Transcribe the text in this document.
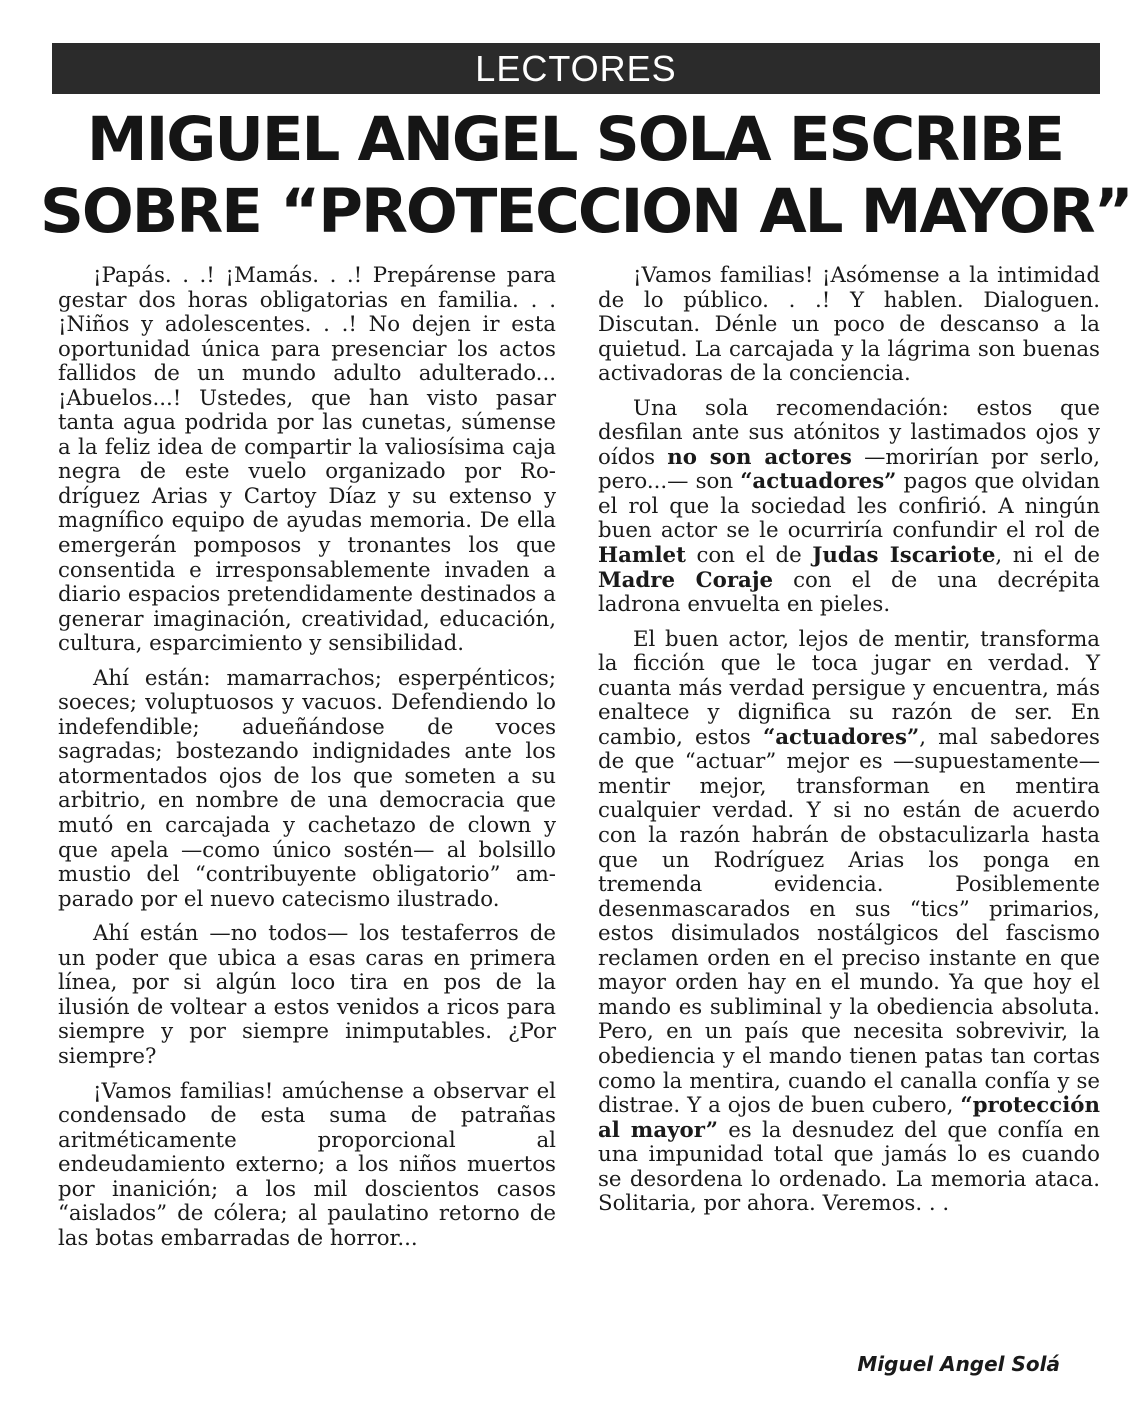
LECTORES
MIGUEL ANGEL SOLA ESCRIBE
SOBRE “PROTECCION AL MAYOR”

¡Papás. . .! ¡Mamás. . .! Prepárense para gestar dos horas obligatorias en familia. . . ¡Niños y adolescentes. . .! No dejen ir esta oportunidad única para presenciar los actos fallidos de un mundo adulto adulterado... ¡Abuelos...! Ustedes, que han visto pasar tanta agua podrida por las cunetas, súmense a la feliz idea de compartir la valiosísima caja negra de este vuelo organizado por Rodríguez Arias y Cartoy Díaz y su extenso y magnífico equipo de ayudas memoria. De ella emergerán pomposos y tronantes los que consentida e irresponsablemente invaden a diario espacios pretendidamente destinados a generar imaginación, creatividad, educación, cultura, esparcimiento y sensibilidad.

Ahí están: mamarrachos; esperpénticos; soeces; voluptuosos y vacuos. Defendiendo lo indefendible; adueñándose de voces sagradas; bostezando indignidades ante los atormentados ojos de los que someten a su arbitrio, en nombre de una democracia que mutó en carcajada y cachetazo de clown y que apela —como único sostén— al bolsillo mustio del “contribuyente obligatorio” amparado por el nuevo catecismo ilustrado.

Ahí están —no todos— los testaferros de un poder que ubica a esas caras en primera línea, por si algún loco tira en pos de la ilusión de voltear a estos venidos a ricos para siempre y por siempre inimputables. ¿Por siempre?

¡Vamos familias! amúchense a observar el condensado de esta suma de patrañas aritméticamente proporcional al endeudamiento externo; a los niños muertos por inanición; a los mil doscientos casos “aislados” de cólera; al paulatino retorno de las botas embarradas de horror...

¡Vamos familias! ¡Asómense a la intimidad de lo público. . .! Y hablen. Dialoguen. Discutan. Dénle un poco de descanso a la quietud. La carcajada y la lágrima son buenas activadoras de la conciencia.

Una sola recomendación: estos que desfilan ante sus atónitos y lastimados ojos y oídos no son actores —morirían por serlo, pero...— son “actuadores” pagos que olvidan el rol que la sociedad les confirió. A ningún buen actor se le ocurriría confundir el rol de Hamlet con el de Judas Iscariote, ni el de Madre Coraje con el de una decrépita ladrona envuelta en pieles.

El buen actor, lejos de mentir, transforma la ficción que le toca jugar en verdad. Y cuanta más verdad persigue y encuentra, más enaltece y dignifica su razón de ser. En cambio, estos “actuadores”, mal sabedores de que “actuar” mejor es —supuestamente— mentir mejor, transforman en mentira cualquier verdad. Y si no están de acuerdo con la razón habrán de obstaculizarla hasta que un Rodríguez Arias los ponga en tremenda evidencia. Posiblemente desenmascarados en sus “tics” primarios, estos disimulados nostálgicos del fascismo reclamen orden en el preciso instante en que mayor orden hay en el mundo. Ya que hoy el mando es subliminal y la obediencia absoluta. Pero, en un país que necesita sobrevivir, la obediencia y el mando tienen patas tan cortas como la mentira, cuando el canalla confía y se distrae. Y a ojos de buen cubero, “protección al mayor” es la desnudez del que confía en una impunidad total que jamás lo es cuando se desordena lo ordenado. La memoria ataca. Solitaria, por ahora. Veremos. . .

Miguel Angel Solá
